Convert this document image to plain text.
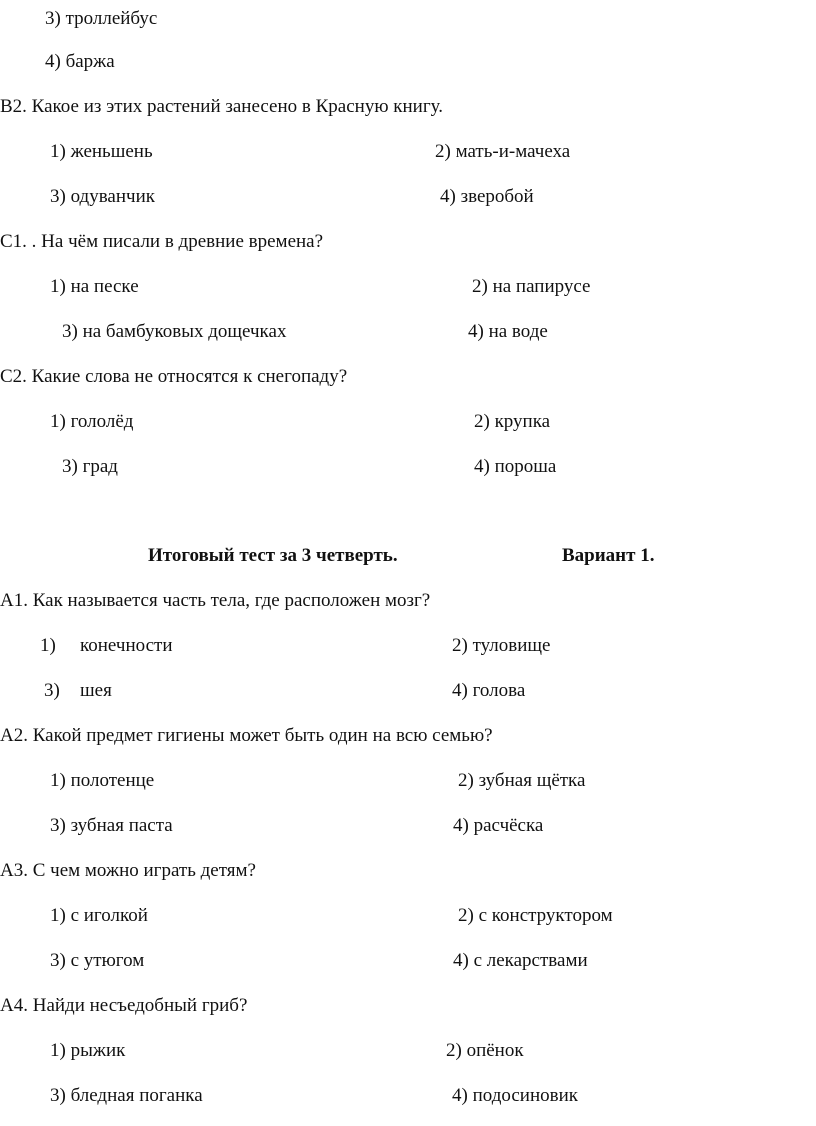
3) троллейбус
4) баржа
В2. Какое из этих растений занесено в Красную книгу.
1) женьшень	2) мать-и-мачеха
3) одуванчик	4) зверобой
С1. . На чём писали в древние времена?
1) на песке	2) на папирусе
3) на бамбуковых дощечках	4) на воде
С2. Какие слова не относятся к снегопаду?
1) гололёд	2) крупка
3) град	4) пороша
Итоговый тест за 3 четверть.	Вариант 1.
А1. Как называется часть тела, где расположен мозг?
1) конечности	2) туловище
3) шея	4) голова
А2. Какой предмет гигиены может быть один на всю семью?
1) полотенце	2) зубная щётка
3) зубная паста	4) расчёска
А3. С чем можно играть детям?
1) с иголкой	2) с конструктором
3) с утюгом	4) с лекарствами
А4. Найди несъедобный гриб?
1) рыжик	2) опёнок
3) бледная поганка	4) подосиновик
